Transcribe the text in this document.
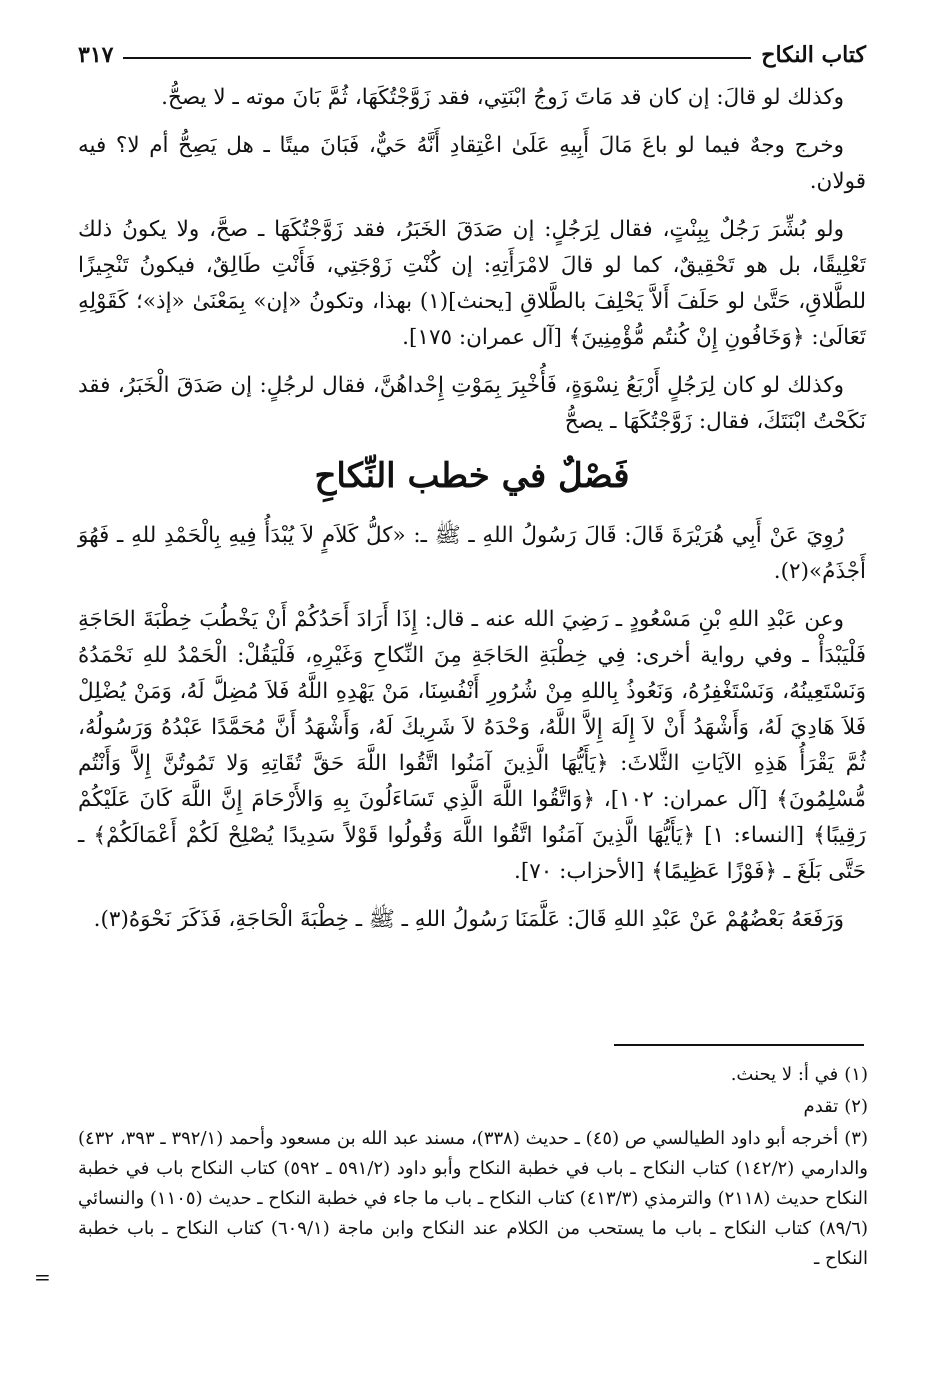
كتاب النكاح
٣١٧

وكذلك لو قالَ: إن كان قد مَاتَ زَوجُ ابْنَتِي، فقد زَوَّجْتُكَهَا، ثُمَّ بَانَ موته ـ لا يصحُّ.

وخرج وجهٌ فيما لو باعَ مَالَ أَبِيهِ عَلَىٰ اعْتِقادِ أَنَّهُ حَيٌّ، فَبَانَ ميتًا ـ هل يَصِحُّ أم لا؟ فيه قولان.

ولو بُشِّرَ رَجُلٌ بِبِنْتٍ، فقال لِرَجُلٍ: إن صَدَقَ الخَبَرُ، فقد زَوَّجْتُكَهَا ـ صحَّ، ولا يكونُ ذلك تَعْلِيقًا، بل هو تَحْقِيقٌ، كما لو قالَ لامْرَأَتِهِ: إن كُنْتِ زَوْجَتِي، فَأَنْتِ طَالِقٌ، فيكونُ تَنْجِيزًا للطَّلاقِ، حَتَّىٰ لو حَلَفَ أَلاَّ يَحْلِفَ بالطَّلاقِ [يحنث](١) بهذا، وتكونُ «إن» بِمَعْنَىٰ «إذ»؛ كَقَوْلِهِ تَعَالَىٰ: ﴿وَخَافُونِ إِنْ كُنتُم مُّؤْمِنِينَ﴾ [آل عمران: ١٧٥].

وكذلك لو كان لِرَجُلٍ أَرْبَعُ نِسْوَةٍ، فَأُخْبِرَ بِمَوْتِ إِحْداهُنَّ، فقال لرجُلٍ: إن صَدَقَ الْخَبَرُ، فقد نَكَحْتُ ابْنَتَكَ، فقال: زَوَّجْتُكَهَا ـ يصحُّ

فَصْلٌ في خطب النِّكاحِ

رُوِيَ عَنْ أَبِي هُرَيْرَةَ قَالَ: قَالَ رَسُولُ اللهِ ـ ﷺ ـ: «كلُّ كَلاَمٍ لاَ يُبْدَأُ فِيهِ بِالْحَمْدِ للهِ ـ فَهُوَ أَجْذَمُ»(٢).

وعن عَبْدِ اللهِ بْنِ مَسْعُودٍ ـ رَضِيَ الله عنه ـ قال: إِذَا أَرَادَ أَحَدُكُمْ أَنْ يَخْطُبَ خِطْبَةَ الحَاجَةِ فَلْيَبْدَأْ ـ وفي رواية أخرى: فِي خِطْبَةِ الحَاجَةِ مِنَ النِّكاحِ وَغَيْرِهِ، فَلْيَقُلْ: الْحَمْدُ للهِ نَحْمَدُهُ وَنَسْتَعِينُهُ، وَنَسْتَغْفِرُهُ، وَنَعُوذُ بِاللهِ مِنْ شُرُورِ أَنْفُسِنَا، مَنْ يَهْدِهِ اللَّهُ فَلاَ مُضِلَّ لَهُ، وَمَنْ يُضْلِلْ فَلاَ هَادِيَ لَهُ، وَأَشْهَدُ أَنْ لاَ إِلَهَ إِلاَّ اللَّهُ، وَحْدَهُ لاَ شَرِيكَ لَهُ، وَأَشْهَدُ أَنَّ مُحَمَّدًا عَبْدُهُ وَرَسُولُهُ، ثُمَّ يَقْرَأُ هَذِهِ الآيَاتِ الثَّلاثَ: ﴿يَأَيُّهَا الَّذِينَ آمَنُوا اتَّقُوا اللَّهَ حَقَّ تُقَاتِهِ وَلا تَمُوتُنَّ إِلاَّ وَأَنْتُم مُّسْلِمُونَ﴾ [آل عمران: ١٠٢]، ﴿وَاتَّقُوا اللَّهَ الَّذِي تَسَاءَلُونَ بِهِ وَالأَرْحَامَ إِنَّ اللَّهَ كَانَ عَلَيْكُمْ رَقِيبًا﴾ [النساء: ١] ﴿يَأَيُّهَا الَّذِينَ آمَنُوا اتَّقُوا اللَّهَ وَقُولُوا قَوْلاً سَدِيدًا يُصْلِحْ لَكُمْ أَعْمَالَكُمْ﴾ ـ حَتَّى بَلَغَ ـ ﴿فَوْزًا عَظِيمًا﴾ [الأحزاب: ٧٠].

وَرَفَعَهُ بَعْضُهُمْ عَنْ عَبْدِ اللهِ قَالَ: عَلَّمَنَا رَسُولُ اللهِ ـ ﷺ ـ خِطْبَةَ الْحَاجَةِ، فَذَكَرَ نَحْوَهُ(٣).

(١)في أ: لا يحنث.

(٢)تقدم

(٣)أخرجه أبو داود الطيالسي ص (٤٥) ـ حديث (٣٣٨)، مسند عبد الله بن مسعود وأحمد (٣٩٢/١ ـ ٣٩٣، ٤٣٢) والدارمي (١٤٢/٢) كتاب النكاح ـ باب في خطبة النكاح وأبو داود (٥٩١/٢ ـ ٥٩٢) كتاب النكاح باب في خطبة النكاح حديث (٢١١٨) والترمذي (٤١٣/٣) كتاب النكاح ـ باب ما جاء في خطبة النكاح ـ حديث (١١٠٥) والنسائي (٨٩/٦) كتاب النكاح ـ باب ما يستحب من الكلام عند النكاح وابن ماجة (٦٠٩/١) كتاب النكاح ـ باب خطبة النكاح ـ

=
